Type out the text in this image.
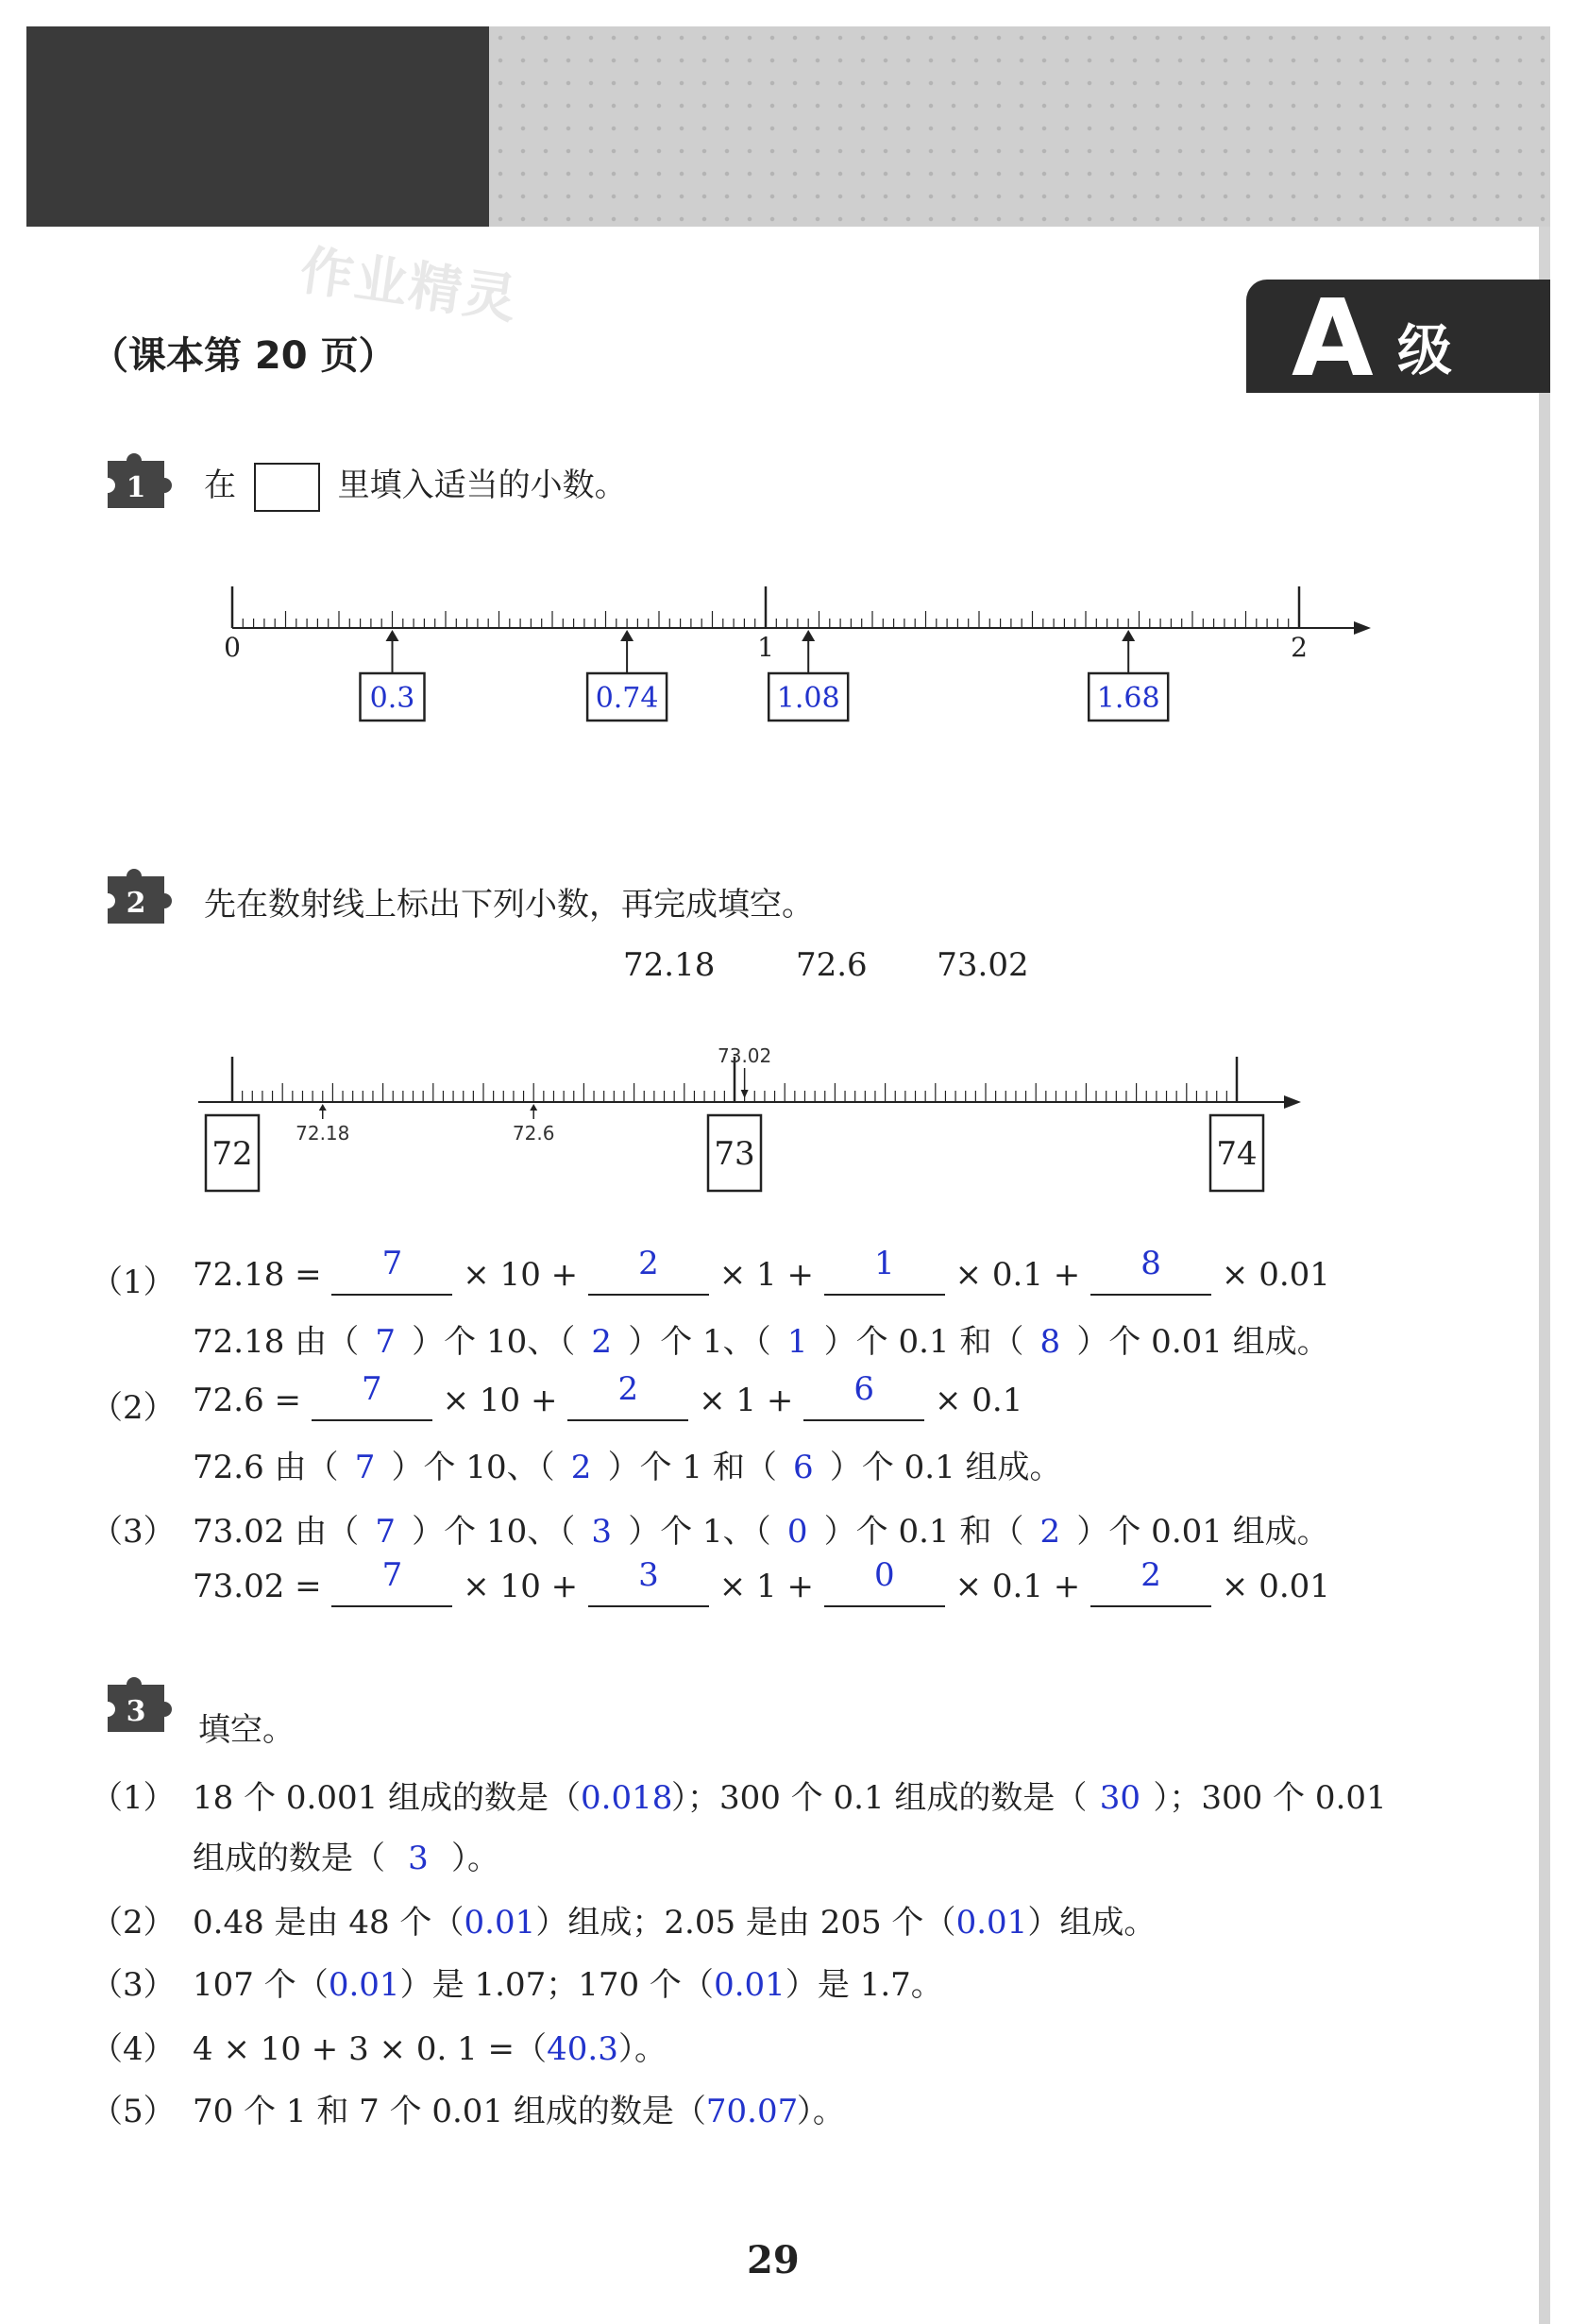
作业精灵
（课本第 20 页）	A 级
1 在	里填入适当的小数。
0	1	2
0.3	0.74	1.08	1.68
2 先在数射线上标出下列小数，再完成填空。
72.18	72.6 73.02
72	73	74
72.18	72.6
73.02
（1） 72.18 = 7 × 10 + 2 × 1 + 1 × 0.1 + 8 × 0.01
72.18 由（ 7 ）个 10、（ 2 ）个 1、（ 1 ）个 0.1 和（ 8 ）个 0.01 组成。
（2） 72.6 = 7 × 10 + 2 × 1 + 6 × 0.1
72.6 由（ 7 ）个 10、（ 2 ）个 1 和（ 6 ）个 0.1 组成。
（3） 73.02 由（ 7 ）个 10、（ 3 ）个 1、（ 0 ）个 0.1 和（ 2 ）个 0.01 组成。
73.02 = 7 × 10 + 3 × 1 + 0 × 0.1 + 2 × 0.01
3 填空。
（1） 18 个 0.001 组成的数是（0.018）；300 个 0.1 组成的数是（ 30 ）；300 个 0.01
组成的数是（ 3 ）。
（2） 0.48 是由 48 个（0.01）组成；2.05 是由 205 个（0.01）组成。
（3） 107 个（0.01）是 1.07；170 个（0.01）是 1.7。
（4） 4 × 10 + 3 × 0. 1 =（40.3）。
（5） 70 个 1 和 7 个 0.01 组成的数是（70.07）。
29
